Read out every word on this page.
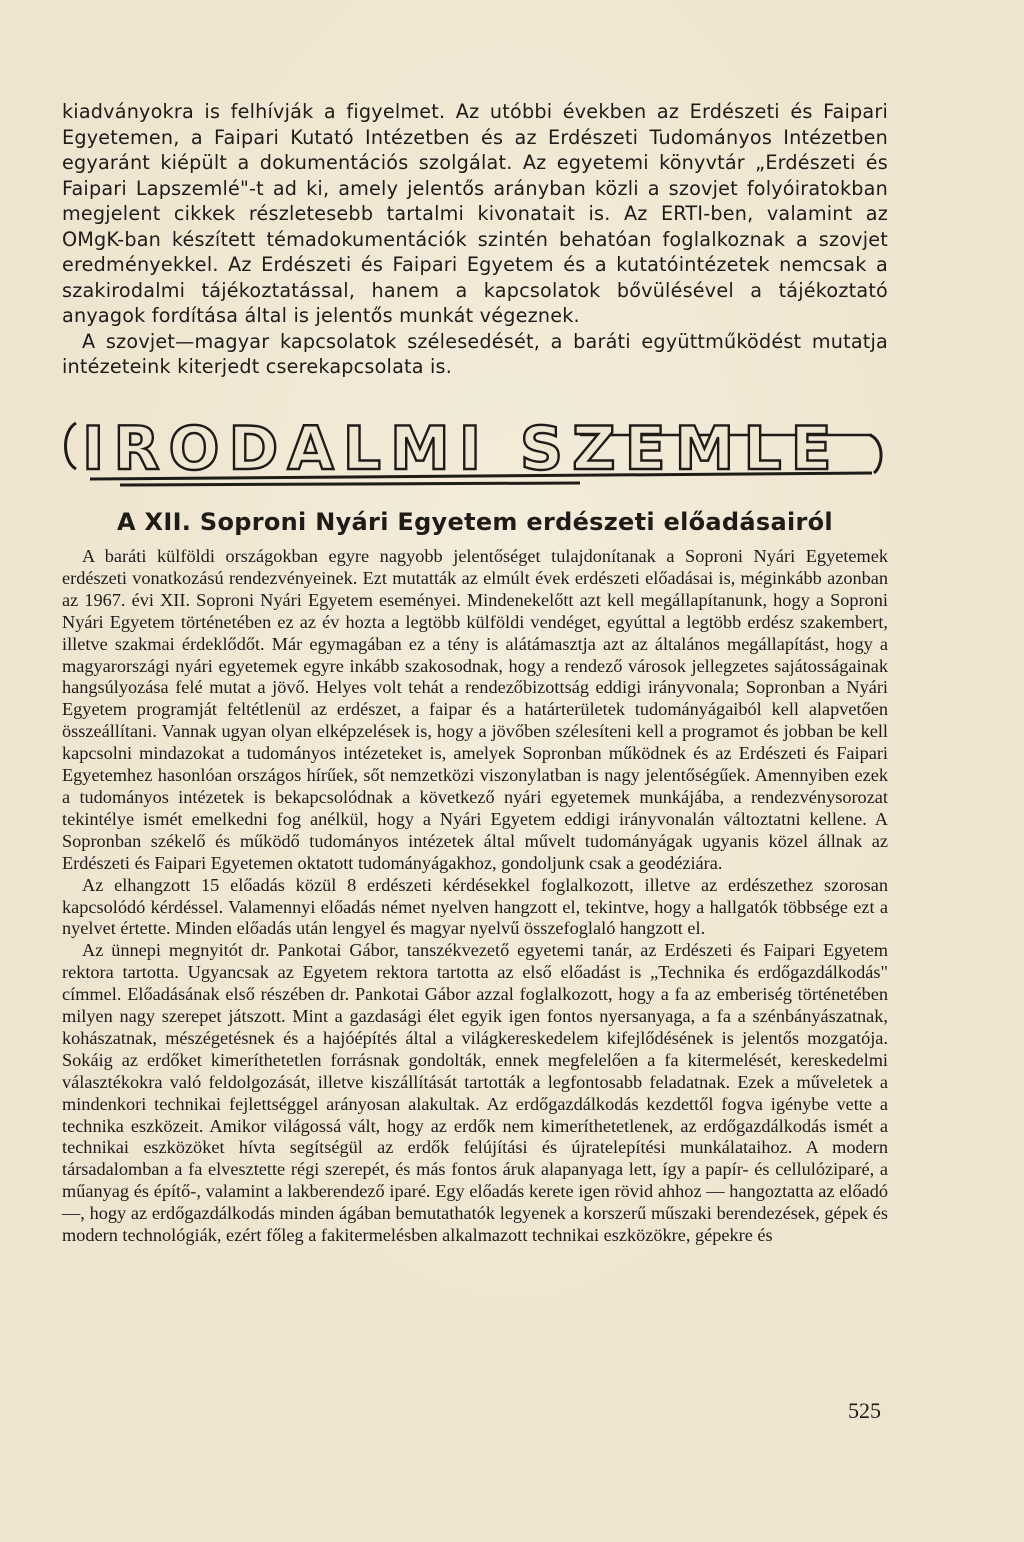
kiadványokra is felhívják a figyelmet. Az utóbbi években az Erdészeti és Faipari Egyetemen, a Faipari Kutató Intézetben és az Erdészeti Tudományos Intézetben egyaránt kiépült a dokumentációs szolgálat. Az egyetemi könyvtár „Erdészeti és Faipari Lapszemlé"-t ad ki, amely jelentős arányban közli a szovjet folyóiratokban megjelent cikkek részletesebb tartalmi kivonatait is. Az ERTI-ben, valamint az OMgK-ban készített témadokumentációk szintén behatóan foglalkoznak a szovjet eredményekkel. Az Erdészeti és Faipari Egyetem és a kutatóintézetek nemcsak a szakirodalmi tájékoztatással, hanem a kapcsolatok bővülésével a tájékoztató anyagok fordítása által is jelentős munkát végeznek.

A szovjet—magyar kapcsolatok szélesedését, a baráti együttműködést mutatja intézeteink kiterjedt cserekapcsolata is.

IRODALMI SZEMLE
A XII. Soproni Nyári Egyetem erdészeti előadásairól

A baráti külföldi országokban egyre nagyobb jelentőséget tulajdonítanak a Soproni Nyári Egyetemek erdészeti vonatkozású rendezvényeinek. Ezt mutatták az elmúlt évek erdészeti előadásai is, méginkább azonban az 1967. évi XII. Soproni Nyári Egyetem eseményei. Mindenekelőtt azt kell megállapítanunk, hogy a Soproni Nyári Egyetem történetében ez az év hozta a legtöbb külföldi vendéget, egyúttal a legtöbb erdész szakembert, illetve szakmai érdeklődőt. Már egymagában ez a tény is alátámasztja azt az általános megállapítást, hogy a magyarországi nyári egyetemek egyre inkább szakosodnak, hogy a rendező városok jellegzetes sajátosságainak hangsúlyozása felé mutat a jövő. Helyes volt tehát a rendezőbizottság eddigi irányvonala; Sopronban a Nyári Egyetem programját feltétlenül az erdészet, a faipar és a határterületek tudományágaiból kell alapvetően összeállítani. Vannak ugyan olyan elképzelések is, hogy a jövőben szélesíteni kell a programot és jobban be kell kapcsolni mindazokat a tudományos intézeteket is, amelyek Sopronban működnek és az Erdészeti és Faipari Egyetemhez hasonlóan országos hírűek, sőt nemzetközi viszonylatban is nagy jelentőségűek. Amennyiben ezek a tudományos intézetek is bekapcsolódnak a következő nyári egyetemek munkájába, a rendezvénysorozat tekintélye ismét emelkedni fog anélkül, hogy a Nyári Egyetem eddigi irányvonalán változtatni kellene. A Sopronban székelő és működő tudományos intézetek által művelt tudományágak ugyanis közel állnak az Erdészeti és Faipari Egyetemen oktatott tudományágakhoz, gondoljunk csak a geodéziára.

Az elhangzott 15 előadás közül 8 erdészeti kérdésekkel foglalkozott, illetve az erdészethez szorosan kapcsolódó kérdéssel. Valamennyi előadás német nyelven hangzott el, tekintve, hogy a hallgatók többsége ezt a nyelvet értette. Minden előadás után lengyel és magyar nyelvű összefoglaló hangzott el.

Az ünnepi megnyitót dr. Pankotai Gábor, tanszékvezető egyetemi tanár, az Erdészeti és Faipari Egyetem rektora tartotta. Ugyancsak az Egyetem rektora tartotta az első előadást is „Technika és erdőgazdálkodás" címmel. Előadásának első részében dr. Pankotai Gábor azzal foglalkozott, hogy a fa az emberiség történetében milyen nagy szerepet játszott. Mint a gazdasági élet egyik igen fontos nyersanyaga, a fa a szénbányászatnak, kohászatnak, mészégetésnek és a hajóépítés által a világkereskedelem kifejlődésének is jelentős mozgatója. Sokáig az erdőket kimeríthetetlen forrásnak gondolták, ennek megfelelően a fa kitermelését, kereskedelmi választékokra való feldolgozását, illetve kiszállítását tartották a legfontosabb feladatnak. Ezek a műveletek a mindenkori technikai fejlettséggel arányosan alakultak. Az erdőgazdálkodás kezdettől fogva igénybe vette a technika eszközeit. Amikor világossá vált, hogy az erdők nem kimeríthetetlenek, az erdőgazdálkodás ismét a technikai eszközöket hívta segítségül az erdők felújítási és újratelepítési munkálataihoz. A modern társadalomban a fa elvesztette régi szerepét, és más fontos áruk alapanyaga lett, így a papír- és cellulóziparé, a műanyag és építő-, valamint a lakberendező iparé. Egy előadás kerete igen rövid ahhoz — hangoztatta az előadó —, hogy az erdőgazdálkodás minden ágában bemutathatók legyenek a korszerű műszaki berendezések, gépek és modern technológiák, ezért főleg a fakitermelésben alkalmazott technikai eszközökre, gépekre és

525
